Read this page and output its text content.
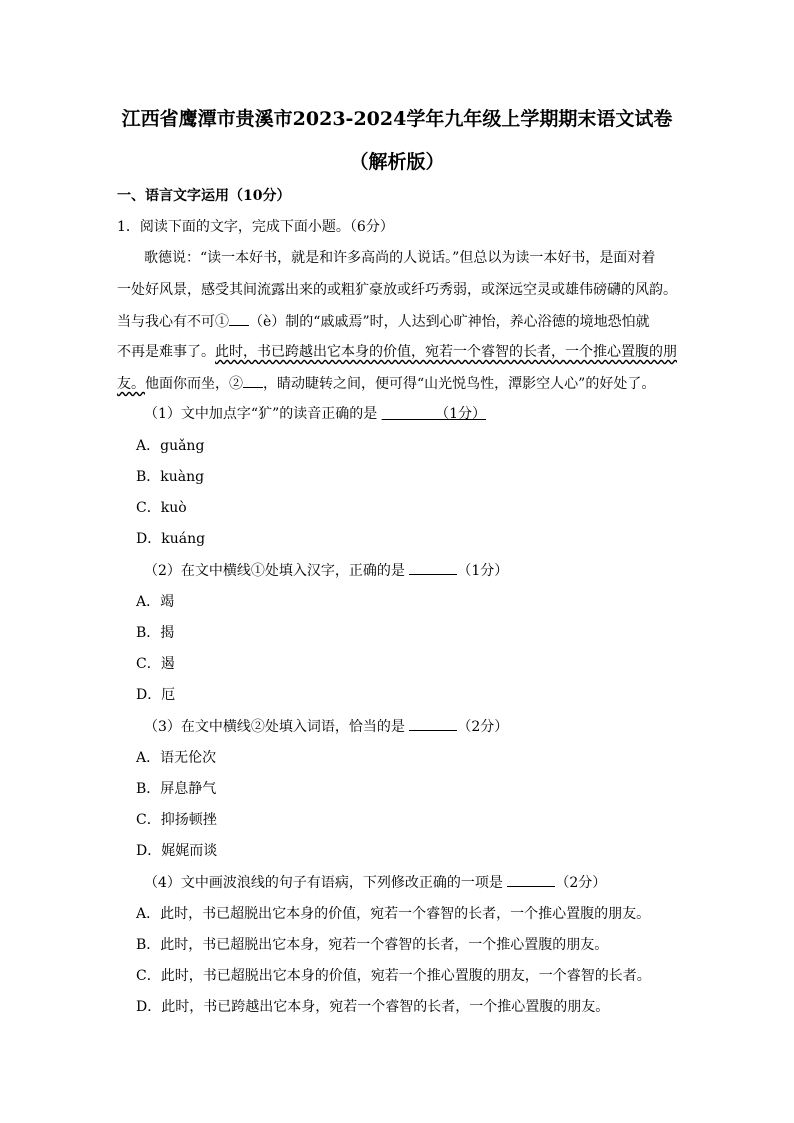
江西省鹰潭市贵溪市2023-2024学年九年级上学期期末语文试卷
（解析版）
一、语言文字运用（10分）
1．阅读下面的文字，完成下面小题。（6分）
歌德说：“读一本好书，就是和许多高尚的人说话。”但总以为读一本好书，是面对着
一处好风景，感受其间流露出来的或粗犷豪放或纤巧秀弱，或深远空灵或雄伟磅礴的风韵。
当与我心有不可① （è）制的“戚戚焉”时，人达到心旷神怡，养心浴德的境地恐怕就
不再是难事了。此时，书已跨越出它本身的价值，宛若一个睿智的长者，一个推心置腹的朋
友。他面你而坐，② ，睛动睫转之间，便可得“山光悦鸟性，潭影空人心”的好处了。
（1）文中加点字“犷”的读音正确的是	（1分）
A．guǎng
B．kuàng
C．kuò
D．kuáng
（2）在文中横线①处填入汉字，正确的是	（1分）
A．竭
B．揭
C．遏
D．厄
（3）在文中横线②处填入词语，恰当的是	（2分）
A．语无伦次
B．屏息静气
C．抑扬顿挫
D．娓娓而谈
（4）文中画波浪线的句子有语病，下列修改正确的一项是	（2分）
A．此时，书已超脱出它本身的价值，宛若一个睿智的长者，一个推心置腹的朋友。
B．此时，书已超脱出它本身，宛若一个睿智的长者，一个推心置腹的朋友。
C．此时，书已超脱出它本身的价值，宛若一个推心置腹的朋友，一个睿智的长者。
D．此时，书已跨越出它本身，宛若一个睿智的长者，一个推心置腹的朋友。
